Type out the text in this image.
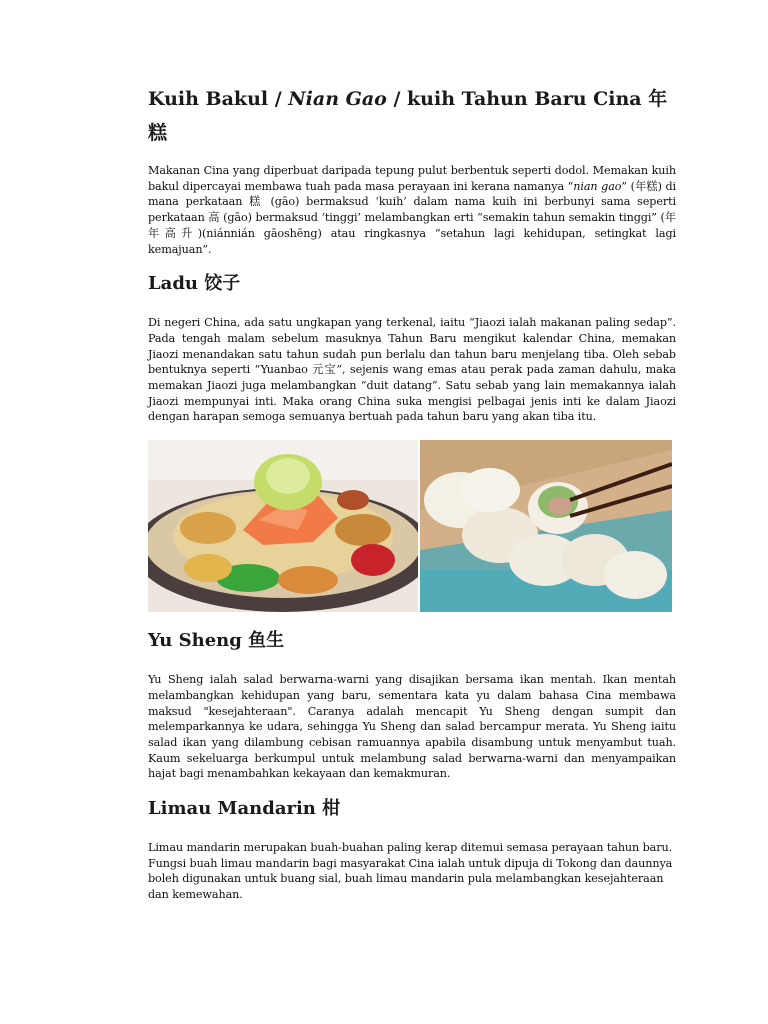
Kuih Bakul / Nian Gao / kuih Tahun Baru Cina 年糕

Makanan Cina yang diperbuat daripada tepung pulut berbentuk seperti dodol. Memakan kuih bakul dipercayai membawa tuah pada masa perayaan ini kerana namanya “nian gao” (年糕) di mana perkataan 糕 (gāo) bermaksud ‘kuih’ dalam nama kuih ini berbunyi sama seperti perkataan 高 (gāo) bermaksud ‘tinggi’ melambangkan erti “semakin tahun semakin tinggi” (年年高升)(niánnián gāoshēng) atau ringkasnya “setahun lagi kehidupan, setingkat lagi kemajuan”.

Ladu 饺子

Di negeri China, ada satu ungkapan yang terkenal, iaitu “Jiaozi ialah makanan paling sedap”. Pada tengah malam sebelum masuknya Tahun Baru mengikut kalendar China, memakan Jiaozi menandakan satu tahun sudah pun berlalu dan tahun baru menjelang tiba. Oleh sebab bentuknya seperti “Yuanbao 元宝”, sejenis wang emas atau perak pada zaman dahulu, maka memakan Jiaozi juga melambangkan “duit datang”. Satu sebab yang lain memakannya ialah Jiaozi mempunyai inti. Maka orang China suka mengisi pelbagai jenis inti ke dalam Jiaozi dengan harapan semoga semuanya bertuah pada tahun baru yang akan tiba itu.

Yu Sheng 鱼生

Yu Sheng ialah salad berwarna-warni yang disajikan bersama ikan mentah. Ikan mentah melambangkan kehidupan yang baru, sementara kata yu dalam bahasa Cina membawa maksud "kesejahteraan". Caranya adalah mencapit Yu Sheng dengan sumpit dan melemparkannya ke udara, sehingga Yu Sheng dan salad bercampur merata. Yu Sheng iaitu salad ikan yang dilambung cebisan ramuannya apabila disambung untuk menyambut tuah. Kaum sekeluarga berkumpul untuk melambung salad berwarna-warni dan menyampaikan hajat bagi menambahkan kekayaan dan kemakmuran.

Limau Mandarin 柑

Limau mandarin merupakan buah-buahan paling kerap ditemui semasa perayaan tahun baru. Fungsi buah limau mandarin bagi masyarakat Cina ialah untuk dipuja di Tokong dan daunnya boleh digunakan untuk buang sial, buah limau mandarin pula melambangkan kesejahteraan dan kemewahan.
